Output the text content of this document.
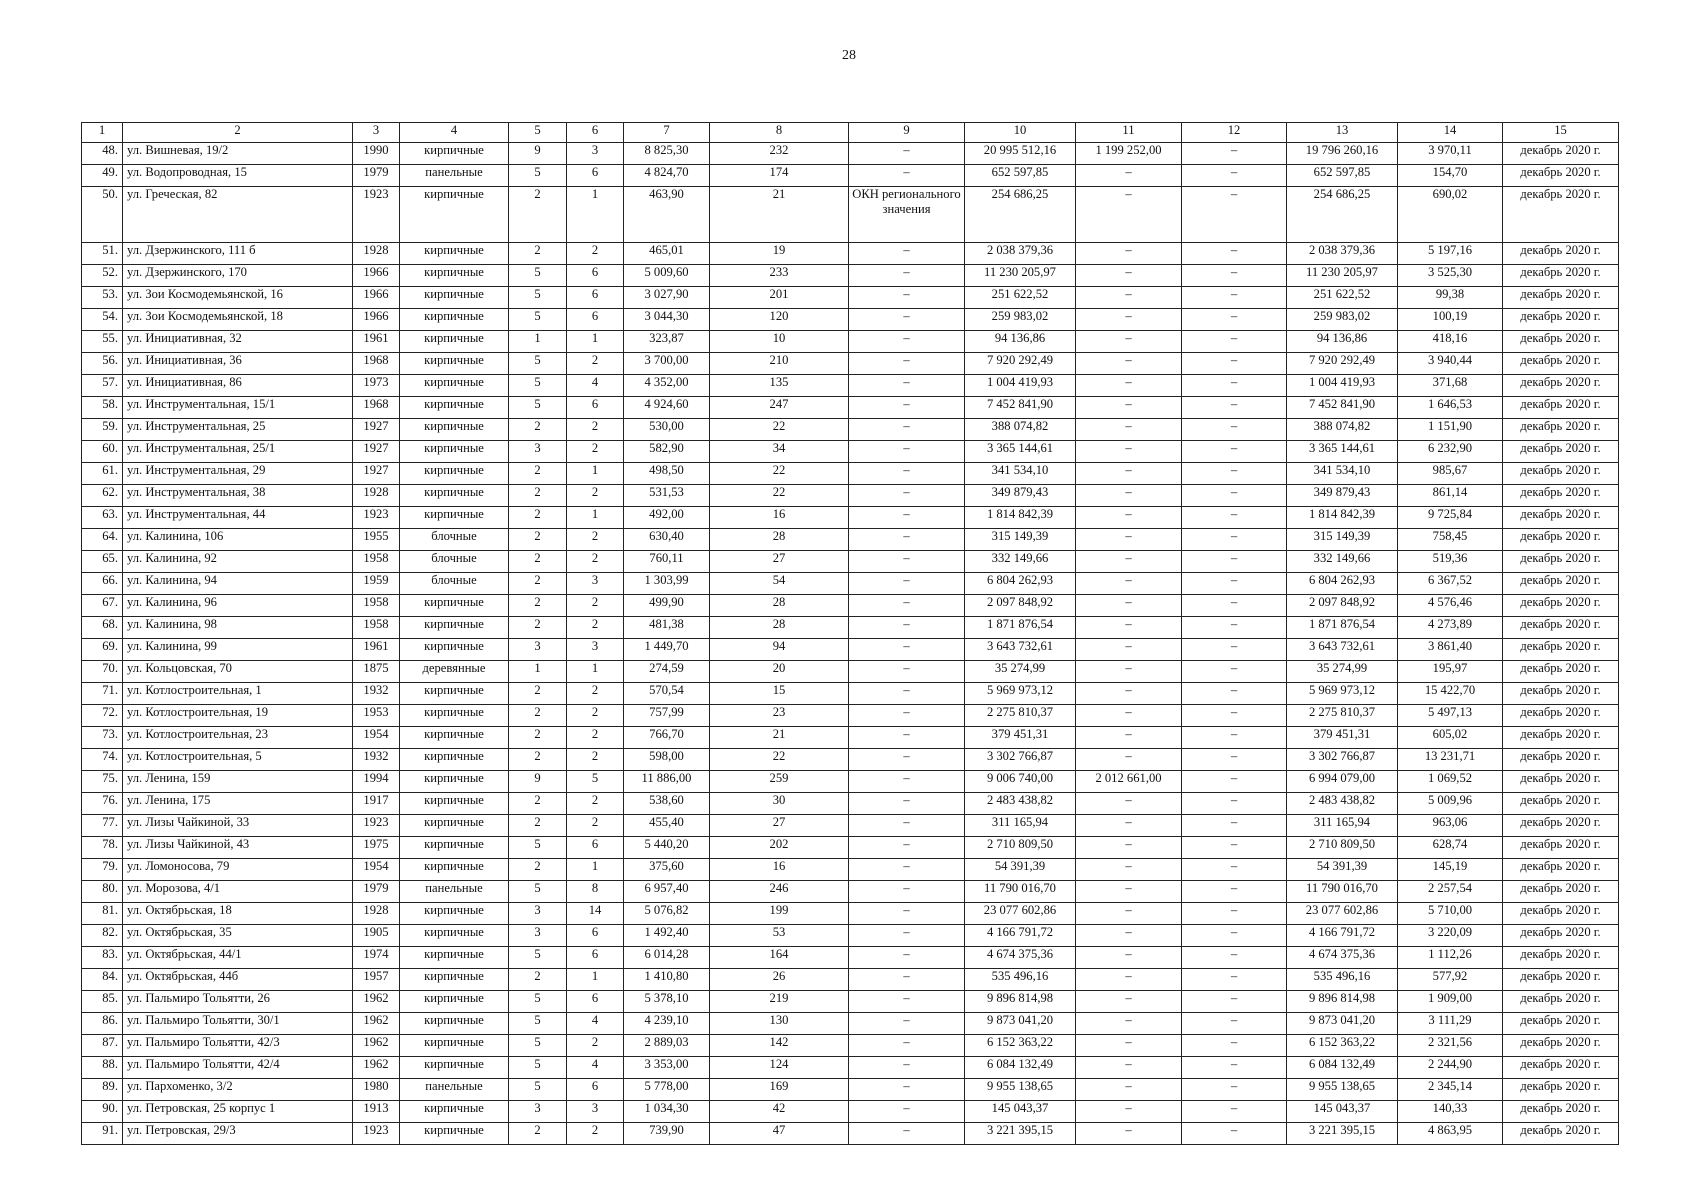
28
1	2	3	4	5	6	7	8	9	10	11	12	13	14	15
48.	ул. Вишневая, 19/2	1990	кирпичные	9	3	8 825,30	232	–	20 995 512,16	1 199 252,00	–	19 796 260,16	3 970,11	декабрь 2020 г.
49.	ул. Водопроводная, 15	1979	панельные	5	6	4 824,70	174	–	652 597,85	–	–	652 597,85	154,70	декабрь 2020 г.
50.	ул. Греческая, 82	1923	кирпичные	2	1	463,90	21	ОКН регионального значения	254 686,25	–	–	254 686,25	690,02	декабрь 2020 г.
51.	ул. Дзержинского, 111 б	1928	кирпичные	2	2	465,01	19	–	2 038 379,36	–	–	2 038 379,36	5 197,16	декабрь 2020 г.
52.	ул. Дзержинского, 170	1966	кирпичные	5	6	5 009,60	233	–	11 230 205,97	–	–	11 230 205,97	3 525,30	декабрь 2020 г.
53.	ул. Зои Космодемьянской, 16	1966	кирпичные	5	6	3 027,90	201	–	251 622,52	–	–	251 622,52	99,38	декабрь 2020 г.
54.	ул. Зои Космодемьянской, 18	1966	кирпичные	5	6	3 044,30	120	–	259 983,02	–	–	259 983,02	100,19	декабрь 2020 г.
55.	ул. Инициативная, 32	1961	кирпичные	1	1	323,87	10	–	94 136,86	–	–	94 136,86	418,16	декабрь 2020 г.
56.	ул. Инициативная, 36	1968	кирпичные	5	2	3 700,00	210	–	7 920 292,49	–	–	7 920 292,49	3 940,44	декабрь 2020 г.
57.	ул. Инициативная, 86	1973	кирпичные	5	4	4 352,00	135	–	1 004 419,93	–	–	1 004 419,93	371,68	декабрь 2020 г.
58.	ул. Инструментальная, 15/1	1968	кирпичные	5	6	4 924,60	247	–	7 452 841,90	–	–	7 452 841,90	1 646,53	декабрь 2020 г.
59.	ул. Инструментальная, 25	1927	кирпичные	2	2	530,00	22	–	388 074,82	–	–	388 074,82	1 151,90	декабрь 2020 г.
60.	ул. Инструментальная, 25/1	1927	кирпичные	3	2	582,90	34	–	3 365 144,61	–	–	3 365 144,61	6 232,90	декабрь 2020 г.
61.	ул. Инструментальная, 29	1927	кирпичные	2	1	498,50	22	–	341 534,10	–	–	341 534,10	985,67	декабрь 2020 г.
62.	ул. Инструментальная, 38	1928	кирпичные	2	2	531,53	22	–	349 879,43	–	–	349 879,43	861,14	декабрь 2020 г.
63.	ул. Инструментальная, 44	1923	кирпичные	2	1	492,00	16	–	1 814 842,39	–	–	1 814 842,39	9 725,84	декабрь 2020 г.
64.	ул. Калинина, 106	1955	блочные	2	2	630,40	28	–	315 149,39	–	–	315 149,39	758,45	декабрь 2020 г.
65.	ул. Калинина, 92	1958	блочные	2	2	760,11	27	–	332 149,66	–	–	332 149,66	519,36	декабрь 2020 г.
66.	ул. Калинина, 94	1959	блочные	2	3	1 303,99	54	–	6 804 262,93	–	–	6 804 262,93	6 367,52	декабрь 2020 г.
67.	ул. Калинина, 96	1958	кирпичные	2	2	499,90	28	–	2 097 848,92	–	–	2 097 848,92	4 576,46	декабрь 2020 г.
68.	ул. Калинина, 98	1958	кирпичные	2	2	481,38	28	–	1 871 876,54	–	–	1 871 876,54	4 273,89	декабрь 2020 г.
69.	ул. Калинина, 99	1961	кирпичные	3	3	1 449,70	94	–	3 643 732,61	–	–	3 643 732,61	3 861,40	декабрь 2020 г.
70.	ул. Кольцовская, 70	1875	деревянные	1	1	274,59	20	–	35 274,99	–	–	35 274,99	195,97	декабрь 2020 г.
71.	ул. Котлостроительная, 1	1932	кирпичные	2	2	570,54	15	–	5 969 973,12	–	–	5 969 973,12	15 422,70	декабрь 2020 г.
72.	ул. Котлостроительная, 19	1953	кирпичные	2	2	757,99	23	–	2 275 810,37	–	–	2 275 810,37	5 497,13	декабрь 2020 г.
73.	ул. Котлостроительная, 23	1954	кирпичные	2	2	766,70	21	–	379 451,31	–	–	379 451,31	605,02	декабрь 2020 г.
74.	ул. Котлостроительная, 5	1932	кирпичные	2	2	598,00	22	–	3 302 766,87	–	–	3 302 766,87	13 231,71	декабрь 2020 г.
75.	ул. Ленина, 159	1994	кирпичные	9	5	11 886,00	259	–	9 006 740,00	2 012 661,00	–	6 994 079,00	1 069,52	декабрь 2020 г.
76.	ул. Ленина, 175	1917	кирпичные	2	2	538,60	30	–	2 483 438,82	–	–	2 483 438,82	5 009,96	декабрь 2020 г.
77.	ул. Лизы Чайкиной, 33	1923	кирпичные	2	2	455,40	27	–	311 165,94	–	–	311 165,94	963,06	декабрь 2020 г.
78.	ул. Лизы Чайкиной, 43	1975	кирпичные	5	6	5 440,20	202	–	2 710 809,50	–	–	2 710 809,50	628,74	декабрь 2020 г.
79.	ул. Ломоносова, 79	1954	кирпичные	2	1	375,60	16	–	54 391,39	–	–	54 391,39	145,19	декабрь 2020 г.
80.	ул. Морозова, 4/1	1979	панельные	5	8	6 957,40	246	–	11 790 016,70	–	–	11 790 016,70	2 257,54	декабрь 2020 г.
81.	ул. Октябрьская, 18	1928	кирпичные	3	14	5 076,82	199	–	23 077 602,86	–	–	23 077 602,86	5 710,00	декабрь 2020 г.
82.	ул. Октябрьская, 35	1905	кирпичные	3	6	1 492,40	53	–	4 166 791,72	–	–	4 166 791,72	3 220,09	декабрь 2020 г.
83.	ул. Октябрьская, 44/1	1974	кирпичные	5	6	6 014,28	164	–	4 674 375,36	–	–	4 674 375,36	1 112,26	декабрь 2020 г.
84.	ул. Октябрьская, 44б	1957	кирпичные	2	1	1 410,80	26	–	535 496,16	–	–	535 496,16	577,92	декабрь 2020 г.
85.	ул. Пальмиро Тольятти, 26	1962	кирпичные	5	6	5 378,10	219	–	9 896 814,98	–	–	9 896 814,98	1 909,00	декабрь 2020 г.
86.	ул. Пальмиро Тольятти, 30/1	1962	кирпичные	5	4	4 239,10	130	–	9 873 041,20	–	–	9 873 041,20	3 111,29	декабрь 2020 г.
87.	ул. Пальмиро Тольятти, 42/3	1962	кирпичные	5	2	2 889,03	142	–	6 152 363,22	–	–	6 152 363,22	2 321,56	декабрь 2020 г.
88.	ул. Пальмиро Тольятти, 42/4	1962	кирпичные	5	4	3 353,00	124	–	6 084 132,49	–	–	6 084 132,49	2 244,90	декабрь 2020 г.
89.	ул. Пархоменко, 3/2	1980	панельные	5	6	5 778,00	169	–	9 955 138,65	–	–	9 955 138,65	2 345,14	декабрь 2020 г.
90.	ул. Петровская, 25 корпус 1	1913	кирпичные	3	3	1 034,30	42	–	145 043,37	–	–	145 043,37	140,33	декабрь 2020 г.
91.	ул. Петровская, 29/3	1923	кирпичные	2	2	739,90	47	–	3 221 395,15	–	–	3 221 395,15	4 863,95	декабрь 2020 г.
